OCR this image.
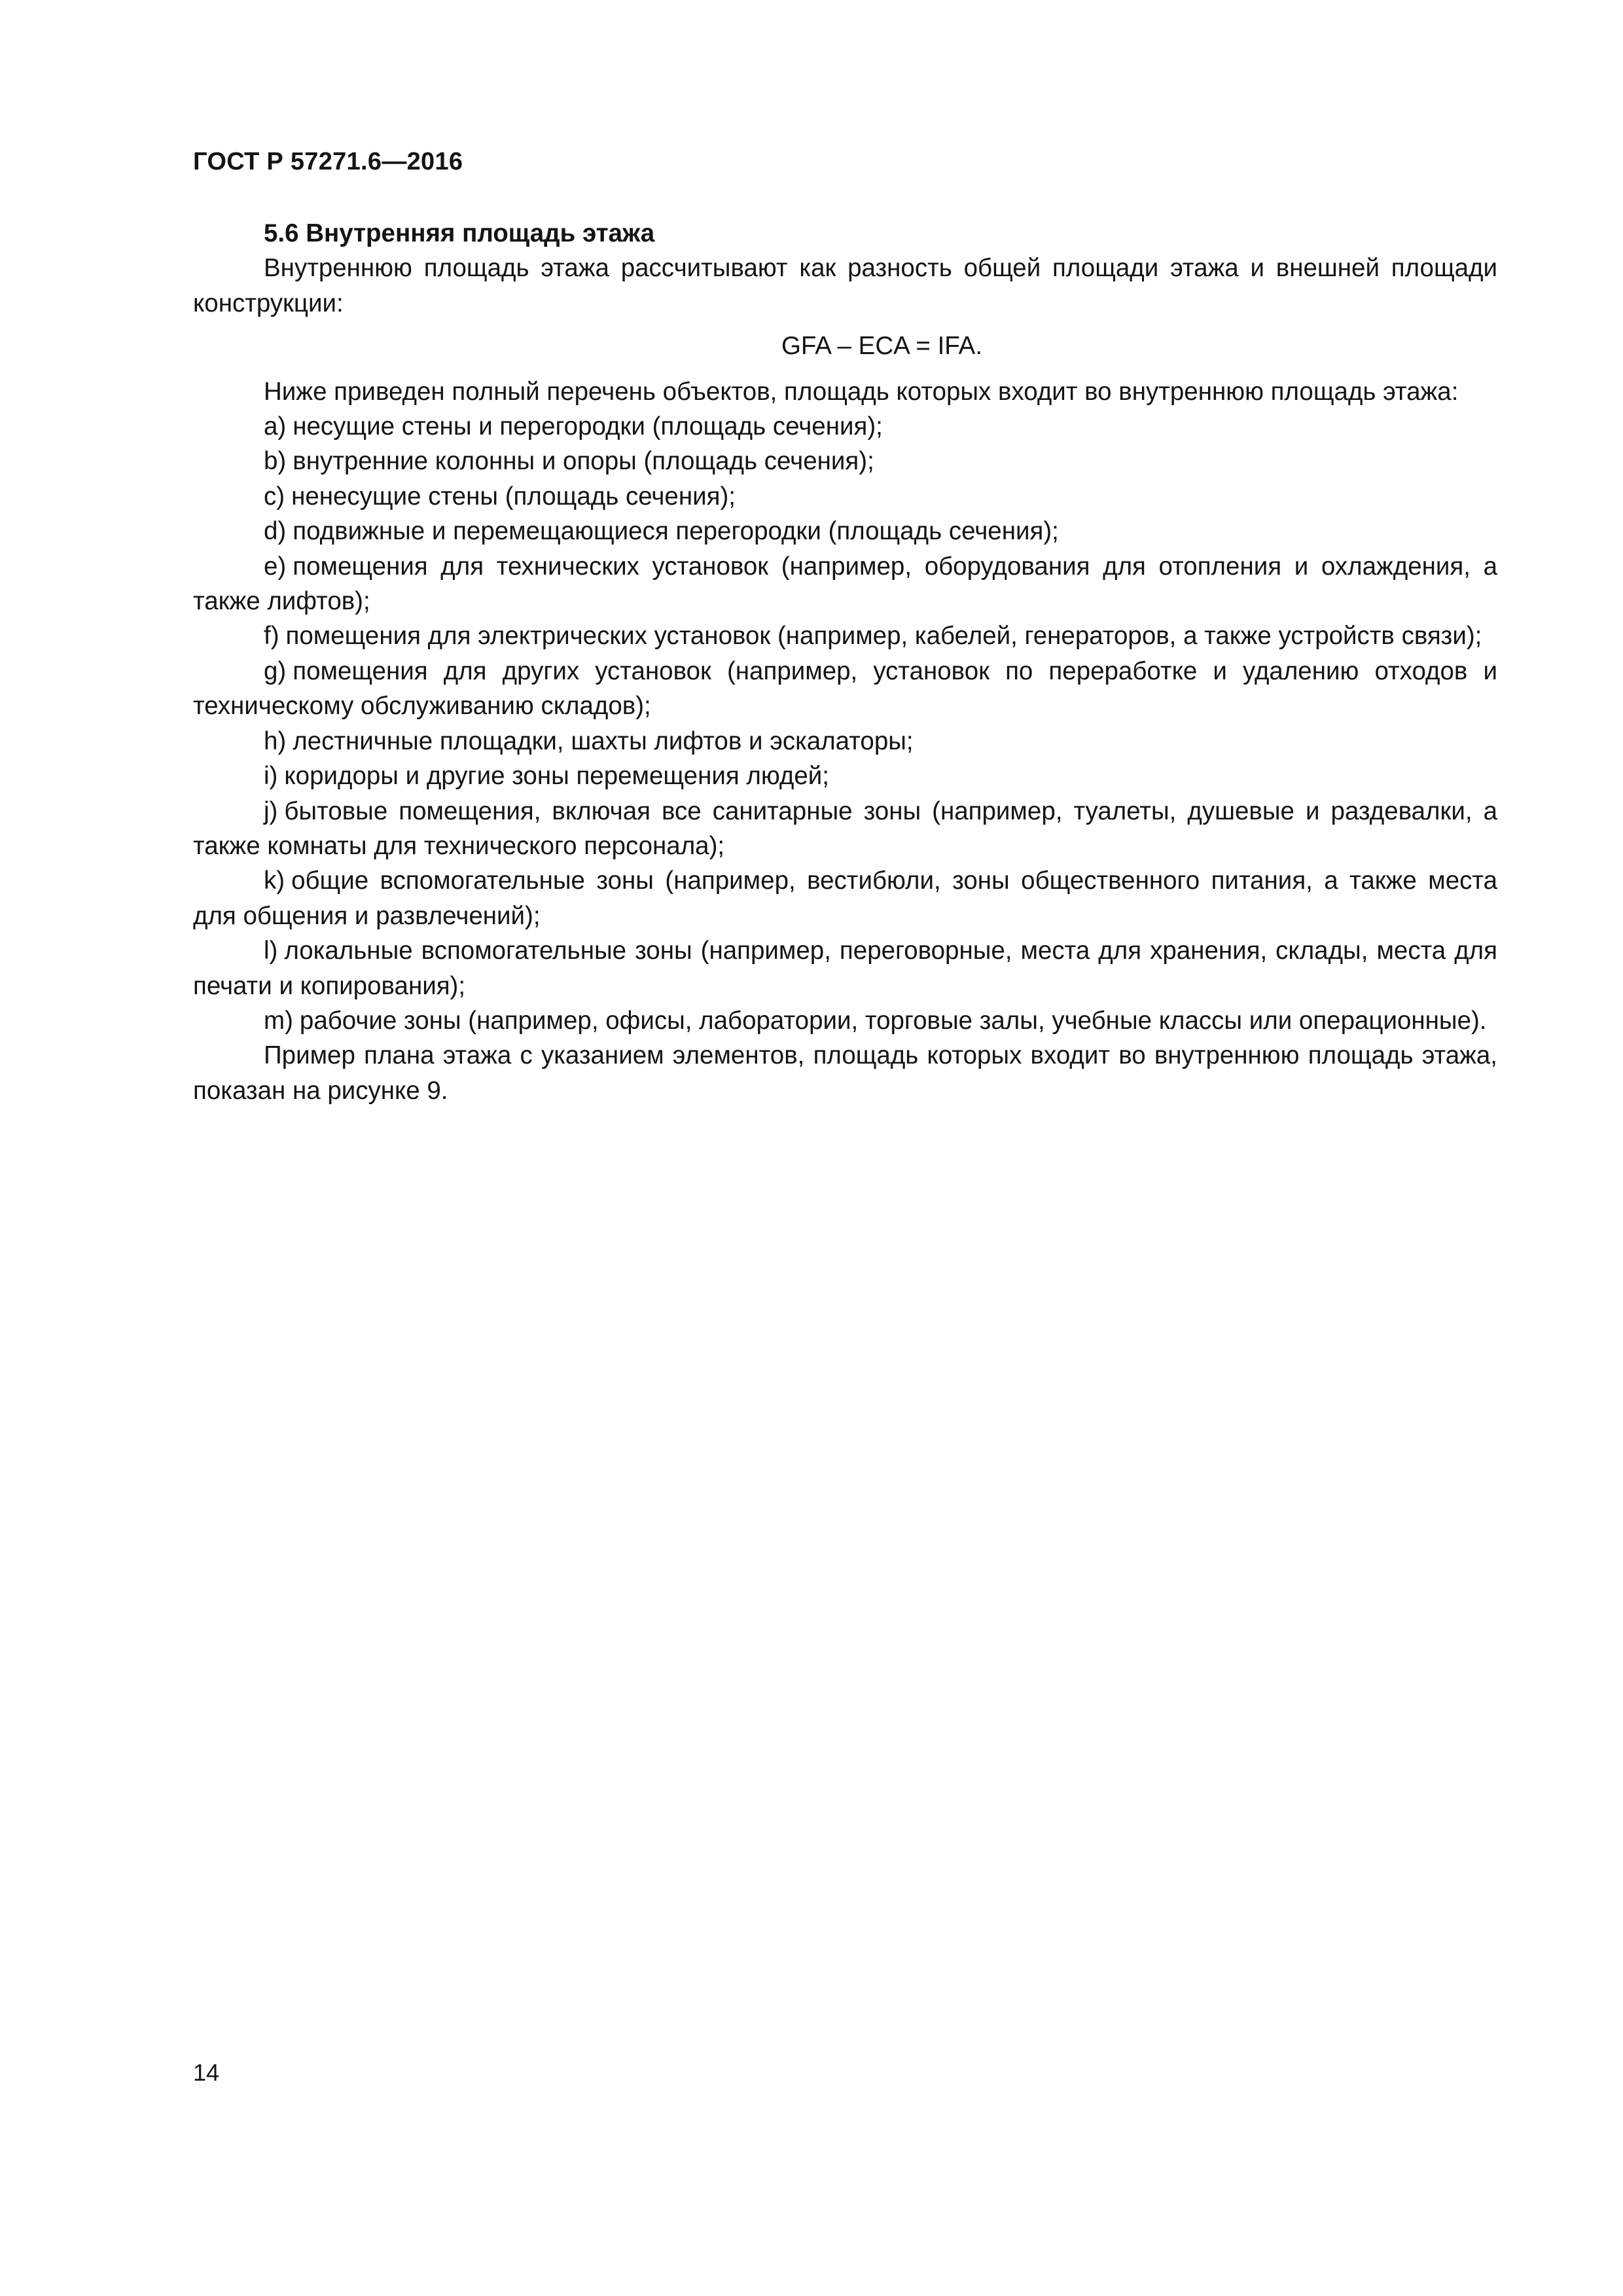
ГОСТ Р 57271.6—2016
5.6 Внутренняя площадь этажа

Внутреннюю площадь этажа рассчитывают как разность общей площади этажа и внешней площади конструкции:

GFA – ECA = IFA.

Ниже приведен полный перечень объектов, площадь которых входит во внутреннюю площадь этажа:

a) несущие стены и перегородки (площадь сечения);
b) внутренние колонны и опоры (площадь сечения);
c) ненесущие стены (площадь сечения);
d) подвижные и перемещающиеся перегородки (площадь сечения);
e) помещения для технических установок (например, оборудования для отопления и охлаждения, а также лифтов);
f) помещения для электрических установок (например, кабелей, генераторов, а также устройств связи);
g) помещения для других установок (например, установок по переработке и удалению отходов и техническому обслуживанию складов);
h) лестничные площадки, шахты лифтов и эскалаторы;
i) коридоры и другие зоны перемещения людей;
j) бытовые помещения, включая все санитарные зоны (например, туалеты, душевые и раздевалки, а также комнаты для технического персонала);
k) общие вспомогательные зоны (например, вестибюли, зоны общественного питания, а также места для общения и развлечений);
l) локальные вспомогательные зоны (например, переговорные, места для хранения, склады, места для печати и копирования);
m) рабочие зоны (например, офисы, лаборатории, торговые залы, учебные классы или операционные).

Пример плана этажа с указанием элементов, площадь которых входит во внутреннюю площадь этажа, показан на рисунке 9.

14
